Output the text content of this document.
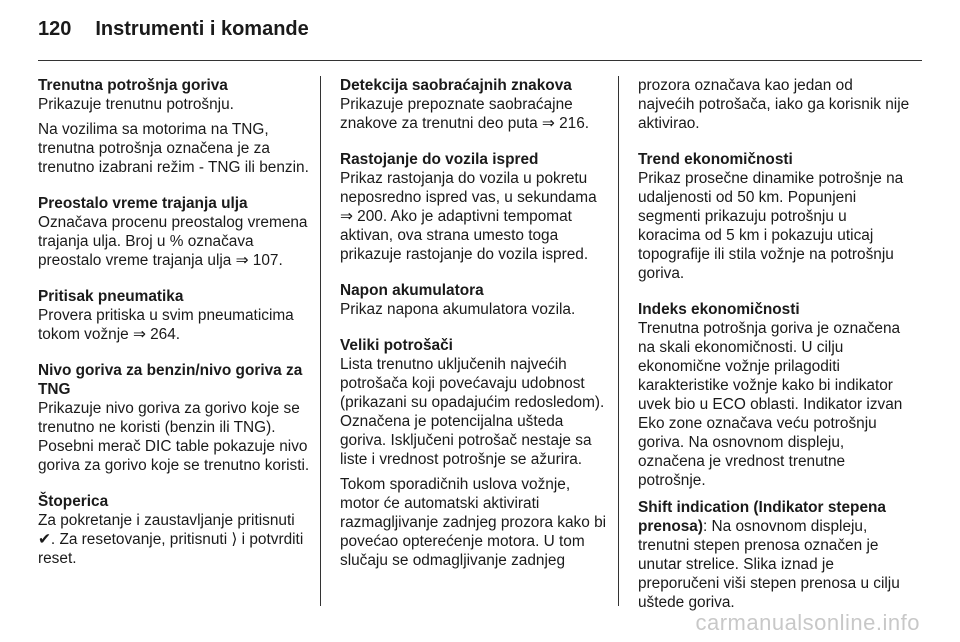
120 Instrumenti i komande

Trenutna potrošnja goriva

Prikazuje trenutnu potrošnju.

Na vozilima sa motorima na TNG, trenutna potrošnja označena je za trenutno izabrani režim - TNG ili benzin.

Preostalo vreme trajanja ulja

Označava procenu preostalog vremena trajanja ulja. Broj u % označava preostalo vreme trajanja ulja ⇒ 107.

Pritisak pneumatika

Provera pritiska u svim pneumaticima tokom vožnje ⇒ 264.

Nivo goriva za benzin/nivo goriva za TNG

Prikazuje nivo goriva za gorivo koje se trenutno ne koristi (benzin ili TNG). Posebni merač DIC table pokazuje nivo goriva za gorivo koje se trenutno koristi.

Štoperica

Za pokretanje i zaustavljanje pritisnuti ✔. Za resetovanje, pritisnuti ⟩ i potvrditi reset.

Detekcija saobraćajnih znakova

Prikazuje prepoznate saobraćajne znakove za trenutni deo puta ⇒ 216.

Rastojanje do vozila ispred

Prikaz rastojanja do vozila u pokretu neposredno ispred vas, u sekundama ⇒ 200. Ako je adaptivni tempomat aktivan, ova strana umesto toga prikazuje rastojanje do vozila ispred.

Napon akumulatora

Prikaz napona akumulatora vozila.

Veliki potrošači

Lista trenutno uključenih najvećih potrošača koji povećavaju udobnost (prikazani su opadajućim redosledom). Označena je potencijalna ušteda goriva. Isključeni potrošač nestaje sa liste i vrednost potrošnje se ažurira.

Tokom sporadičnih uslova vožnje, motor će automatski aktivirati razmagljivanje zadnjeg prozora kako bi povećao opterećenje motora. U tom slučaju se odmagljivanje zadnjeg

prozora označava kao jedan od najvećih potrošača, iako ga korisnik nije aktivirao.

Trend ekonomičnosti

Prikaz prosečne dinamike potrošnje na udaljenosti od 50 km. Popunjeni segmenti prikazuju potrošnju u koracima od 5 km i pokazuju uticaj topografije ili stila vožnje na potrošnju goriva.

Indeks ekonomičnosti

Trenutna potrošnja goriva je označena na skali ekonomičnosti. U cilju ekonomične vožnje prilagoditi karakteristike vožnje kako bi indikator uvek bio u ECO oblasti. Indikator izvan Eko zone označava veću potrošnju goriva. Na osnovnom displeju, označena je vrednost trenutne potrošnje.

Shift indication (Indikator stepena prenosa): Na osnovnom displeju, trenutni stepen prenosa označen je unutar strelice. Slika iznad je preporučeni viši stepen prenosa u cilju uštede goriva.

carmanualsonline.info
